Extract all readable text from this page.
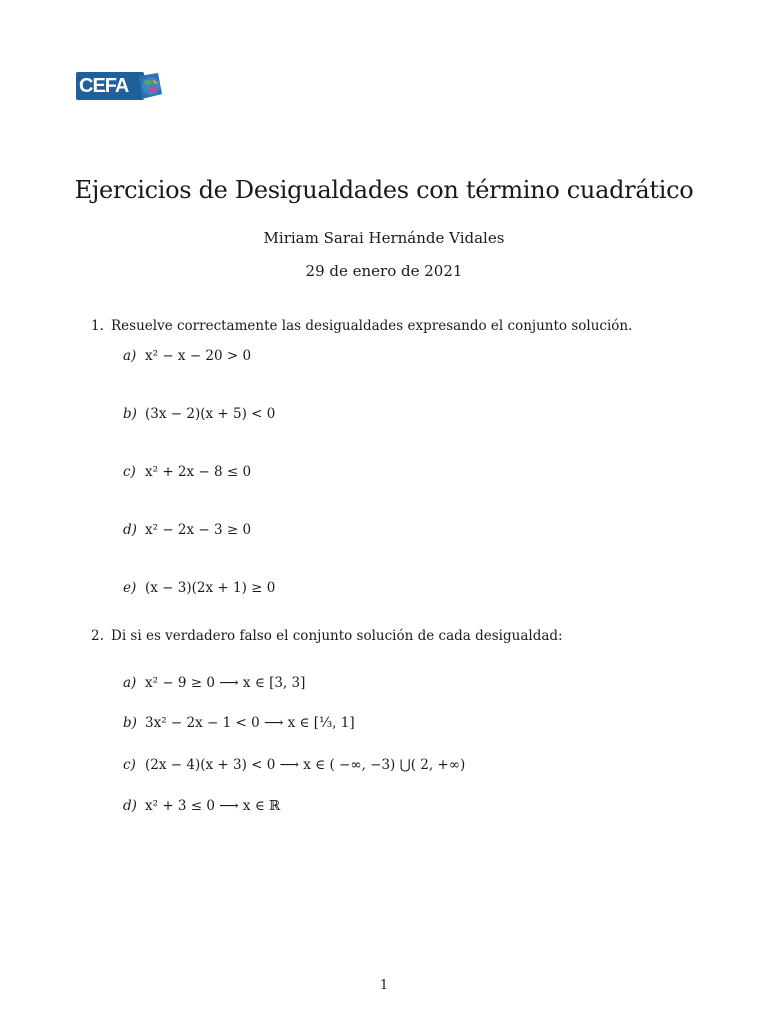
CEFA
Ejercicios de Desigualdades con término cuadrático
Miriam Sarai Hernánde Vidales
29 de enero de 2021
1. Resuelve correctamente las desigualdades expresando el conjunto solución.
a) x² − x − 20 > 0
b) (3x − 2)(x + 5) < 0
c) x² + 2x − 8 ≤ 0
d) x² − 2x − 3 ≥ 0
e) (x − 3)(2x + 1) ≥ 0
2. Di si es verdadero falso el conjunto solución de cada desigualdad:
a) x² − 9 ≥ 0 ⟶ x ∈ [3, 3]
b) 3x² − 2x − 1 < 0 ⟶ x ∈ [⅓, 1]
c) (2x − 4)(x + 3) < 0 ⟶ x ∈ ( −∞, −3) ⋃( 2, +∞)
d) x² + 3 ≤ 0 ⟶ x ∈ ℝ
1
